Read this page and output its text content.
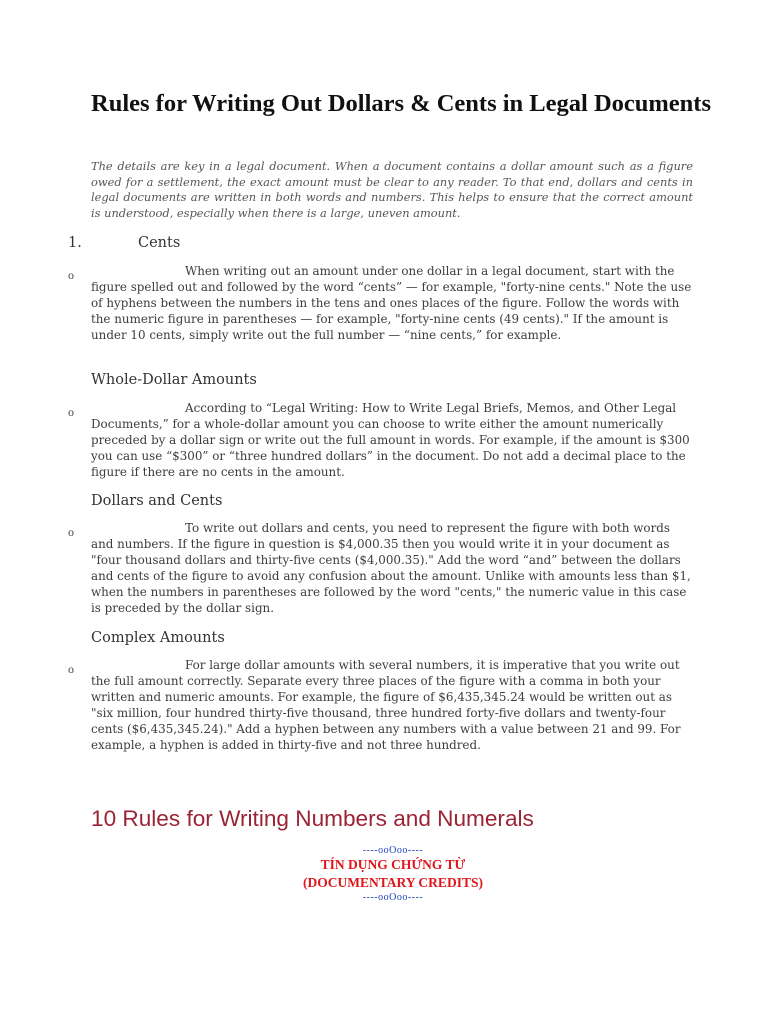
Rules for Writing Out Dollars & Cents in Legal Documents

The details are key in a legal document. When a document contains a dollar amount such as a figure owed for a settlement, the exact amount must be clear to any reader. To that end, dollars and cents in legal documents are written in both words and numbers. This helps to ensure that the correct amount is understood, especially when there is a large, uneven amount.

1.	Cents
o	When writing out an amount under one dollar in a legal document, start with the figure spelled out and followed by the word “cents” — for example, "forty-nine cents." Note the use of hyphens between the numbers in the tens and ones places of the figure. Follow the words with the numeric figure in parentheses — for example, "forty-nine cents (49 cents)." If the amount is under 10 cents, simply write out the full number — “nine cents,” for example.

Whole-Dollar Amounts
o	According to “Legal Writing: How to Write Legal Briefs, Memos, and Other Legal Documents,” for a whole-dollar amount you can choose to write either the amount numerically preceded by a dollar sign or write out the full amount in words. For example, if the amount is $300 you can use “$300” or “three hundred dollars” in the document. Do not add a decimal place to the figure if there are no cents in the amount.

Dollars and Cents
o	To write out dollars and cents, you need to represent the figure with both words and numbers. If the figure in question is $4,000.35 then you would write it in your document as "four thousand dollars and thirty-five cents ($4,000.35)." Add the word “and” between the dollars and cents of the figure to avoid any confusion about the amount. Unlike with amounts less than $1, when the numbers in parentheses are followed by the word "cents," the numeric value in this case is preceded by the dollar sign.

Complex Amounts
o	For large dollar amounts with several numbers, it is imperative that you write out the full amount correctly. Separate every three places of the figure with a comma in both your written and numeric amounts. For example, the figure of $6,435,345.24 would be written out as "six million, four hundred thirty-five thousand, three hundred forty-five dollars and twenty-four cents ($6,435,345.24)." Add a hyphen between any numbers with a value between 21 and 99. For example, a hyphen is added in thirty-five and not three hundred.

10 Rules for Writing Numbers and Numerals
----ooOoo----
TÍN DỤNG CHỨNG TỪ
(DOCUMENTARY CREDITS)
----ooOoo----
